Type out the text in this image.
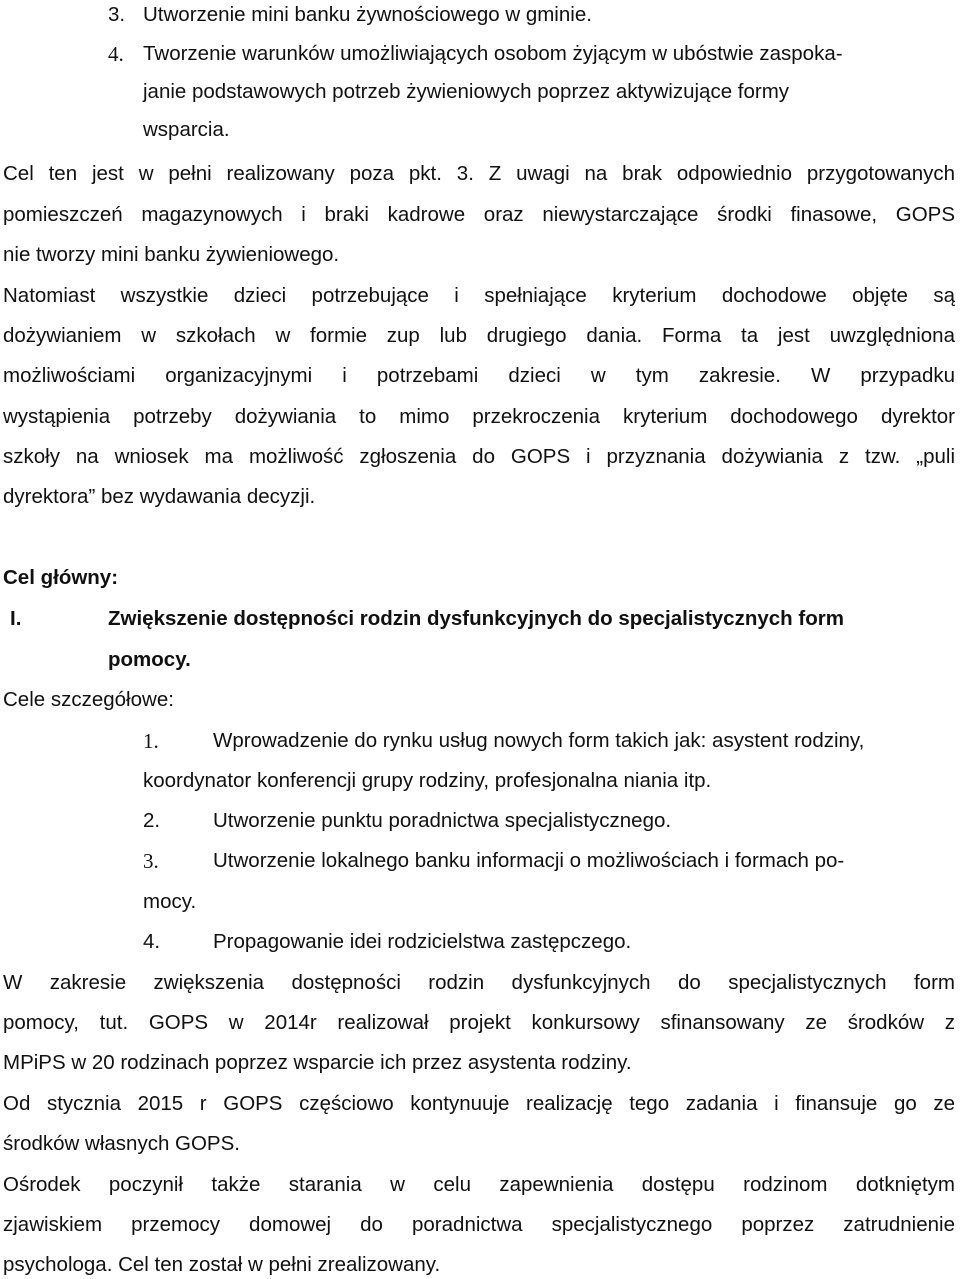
3. Utworzenie mini banku żywnościowego w gminie.
4. Tworzenie warunków umożliwiających osobom żyjącym w ubóstwie zaspoka-
janie podstawowych potrzeb żywieniowych poprzez aktywizujące formy
wsparcia.
Cel ten jest w pełni realizowany poza pkt. 3. Z uwagi na brak odpowiednio przygotowanych
pomieszczeń magazynowych i braki kadrowe oraz niewystarczające środki finasowe, GOPS
nie tworzy mini banku żywieniowego.
Natomiast wszystkie dzieci potrzebujące i spełniające kryterium dochodowe objęte są
dożywianiem w szkołach w formie zup lub drugiego dania. Forma ta jest uwzględniona
możliwościami organizacyjnymi i potrzebami dzieci w tym zakresie. W przypadku
wystąpienia potrzeby dożywiania to mimo przekroczenia kryterium dochodowego dyrektor
szkoły na wniosek ma możliwość zgłoszenia do GOPS i przyznania dożywiania z tzw. „puli
dyrektora” bez wydawania decyzji.
Cel główny:
I.	Zwiększenie dostępności rodzin dysfunkcyjnych do specjalistycznych form
pomocy.
Cele szczegółowe:
1.	Wprowadzenie do rynku usług nowych form takich jak: asystent rodziny,
koordynator konferencji grupy rodziny, profesjonalna niania itp.
2.	Utworzenie punktu poradnictwa specjalistycznego.
3.	Utworzenie lokalnego banku informacji o możliwościach i formach po-
mocy.
4.	Propagowanie idei rodzicielstwa zastępczego.
W zakresie zwiększenia dostępności rodzin dysfunkcyjnych do specjalistycznych form
pomocy, tut. GOPS w 2014r realizował projekt konkursowy sfinansowany ze środków z
MPiPS w 20 rodzinach poprzez wsparcie ich przez asystenta rodziny.
Od stycznia 2015 r GOPS częściowo kontynuuje realizację tego zadania i finansuje go ze
środków własnych GOPS.
Ośrodek poczynił także starania w celu zapewnienia dostępu rodzinom dotkniętym
zjawiskiem przemocy domowej do poradnictwa specjalistycznego poprzez zatrudnienie
psychologa. Cel ten został w pełni zrealizowany.
